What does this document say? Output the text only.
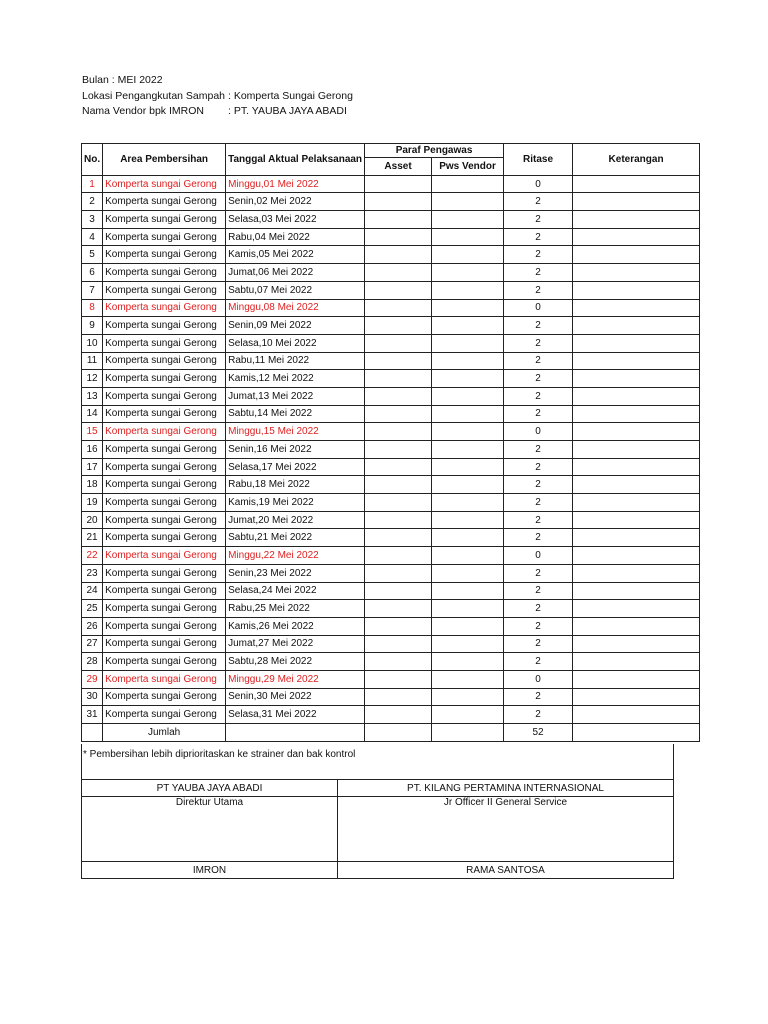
Bulan : MEI 2022
Lokasi Pengangkutan Sampah : Komperta Sungai Gerong
Nama Vendor bpk IMRON	: PT. YAUBA JAYA ABADI
No.	Area Pembersihan	Tanggal Aktual Pelaksanaan	Paraf Pengawas		Ritase	Keterangan
			Asset	Pws Vendor		
1	Komperta sungai Gerong	Minggu,01 Mei 2022			0	
2	Komperta sungai Gerong	Senin,02 Mei 2022			2	
3	Komperta sungai Gerong	Selasa,03 Mei 2022			2	
4	Komperta sungai Gerong	Rabu,04 Mei 2022			2	
5	Komperta sungai Gerong	Kamis,05 Mei 2022			2	
6	Komperta sungai Gerong	Jumat,06 Mei 2022			2	
7	Komperta sungai Gerong	Sabtu,07 Mei 2022			2	
8	Komperta sungai Gerong	Minggu,08 Mei 2022			0	
9	Komperta sungai Gerong	Senin,09 Mei 2022			2	
10	Komperta sungai Gerong	Selasa,10 Mei 2022			2	
11	Komperta sungai Gerong	Rabu,11 Mei 2022			2	
12	Komperta sungai Gerong	Kamis,12 Mei 2022			2	
13	Komperta sungai Gerong	Jumat,13 Mei 2022			2	
14	Komperta sungai Gerong	Sabtu,14 Mei 2022			2	
15	Komperta sungai Gerong	Minggu,15 Mei 2022			0	
16	Komperta sungai Gerong	Senin,16 Mei 2022			2	
17	Komperta sungai Gerong	Selasa,17 Mei 2022			2	
18	Komperta sungai Gerong	Rabu,18 Mei 2022			2	
19	Komperta sungai Gerong	Kamis,19 Mei 2022			2	
20	Komperta sungai Gerong	Jumat,20 Mei 2022			2	
21	Komperta sungai Gerong	Sabtu,21 Mei 2022			2	
22	Komperta sungai Gerong	Minggu,22 Mei 2022			0	
23	Komperta sungai Gerong	Senin,23 Mei 2022			2	
24	Komperta sungai Gerong	Selasa,24 Mei 2022			2	
25	Komperta sungai Gerong	Rabu,25 Mei 2022			2	
26	Komperta sungai Gerong	Kamis,26 Mei 2022			2	
27	Komperta sungai Gerong	Jumat,27 Mei 2022			2	
28	Komperta sungai Gerong	Sabtu,28 Mei 2022			2	
29	Komperta sungai Gerong	Minggu,29 Mei 2022			0	
30	Komperta sungai Gerong	Senin,30 Mei 2022			2	
31	Komperta sungai Gerong	Selasa,31 Mei 2022			2	
	Jumlah				52	
* Pembersihan lebih diprioritaskan ke strainer dan bak kontrol
PT YAUBA JAYA ABADI	PT. KILANG PERTAMINA INTERNASIONAL
Direktur Utama	Jr Officer II General Service
IMRON	RAMA SANTOSA
